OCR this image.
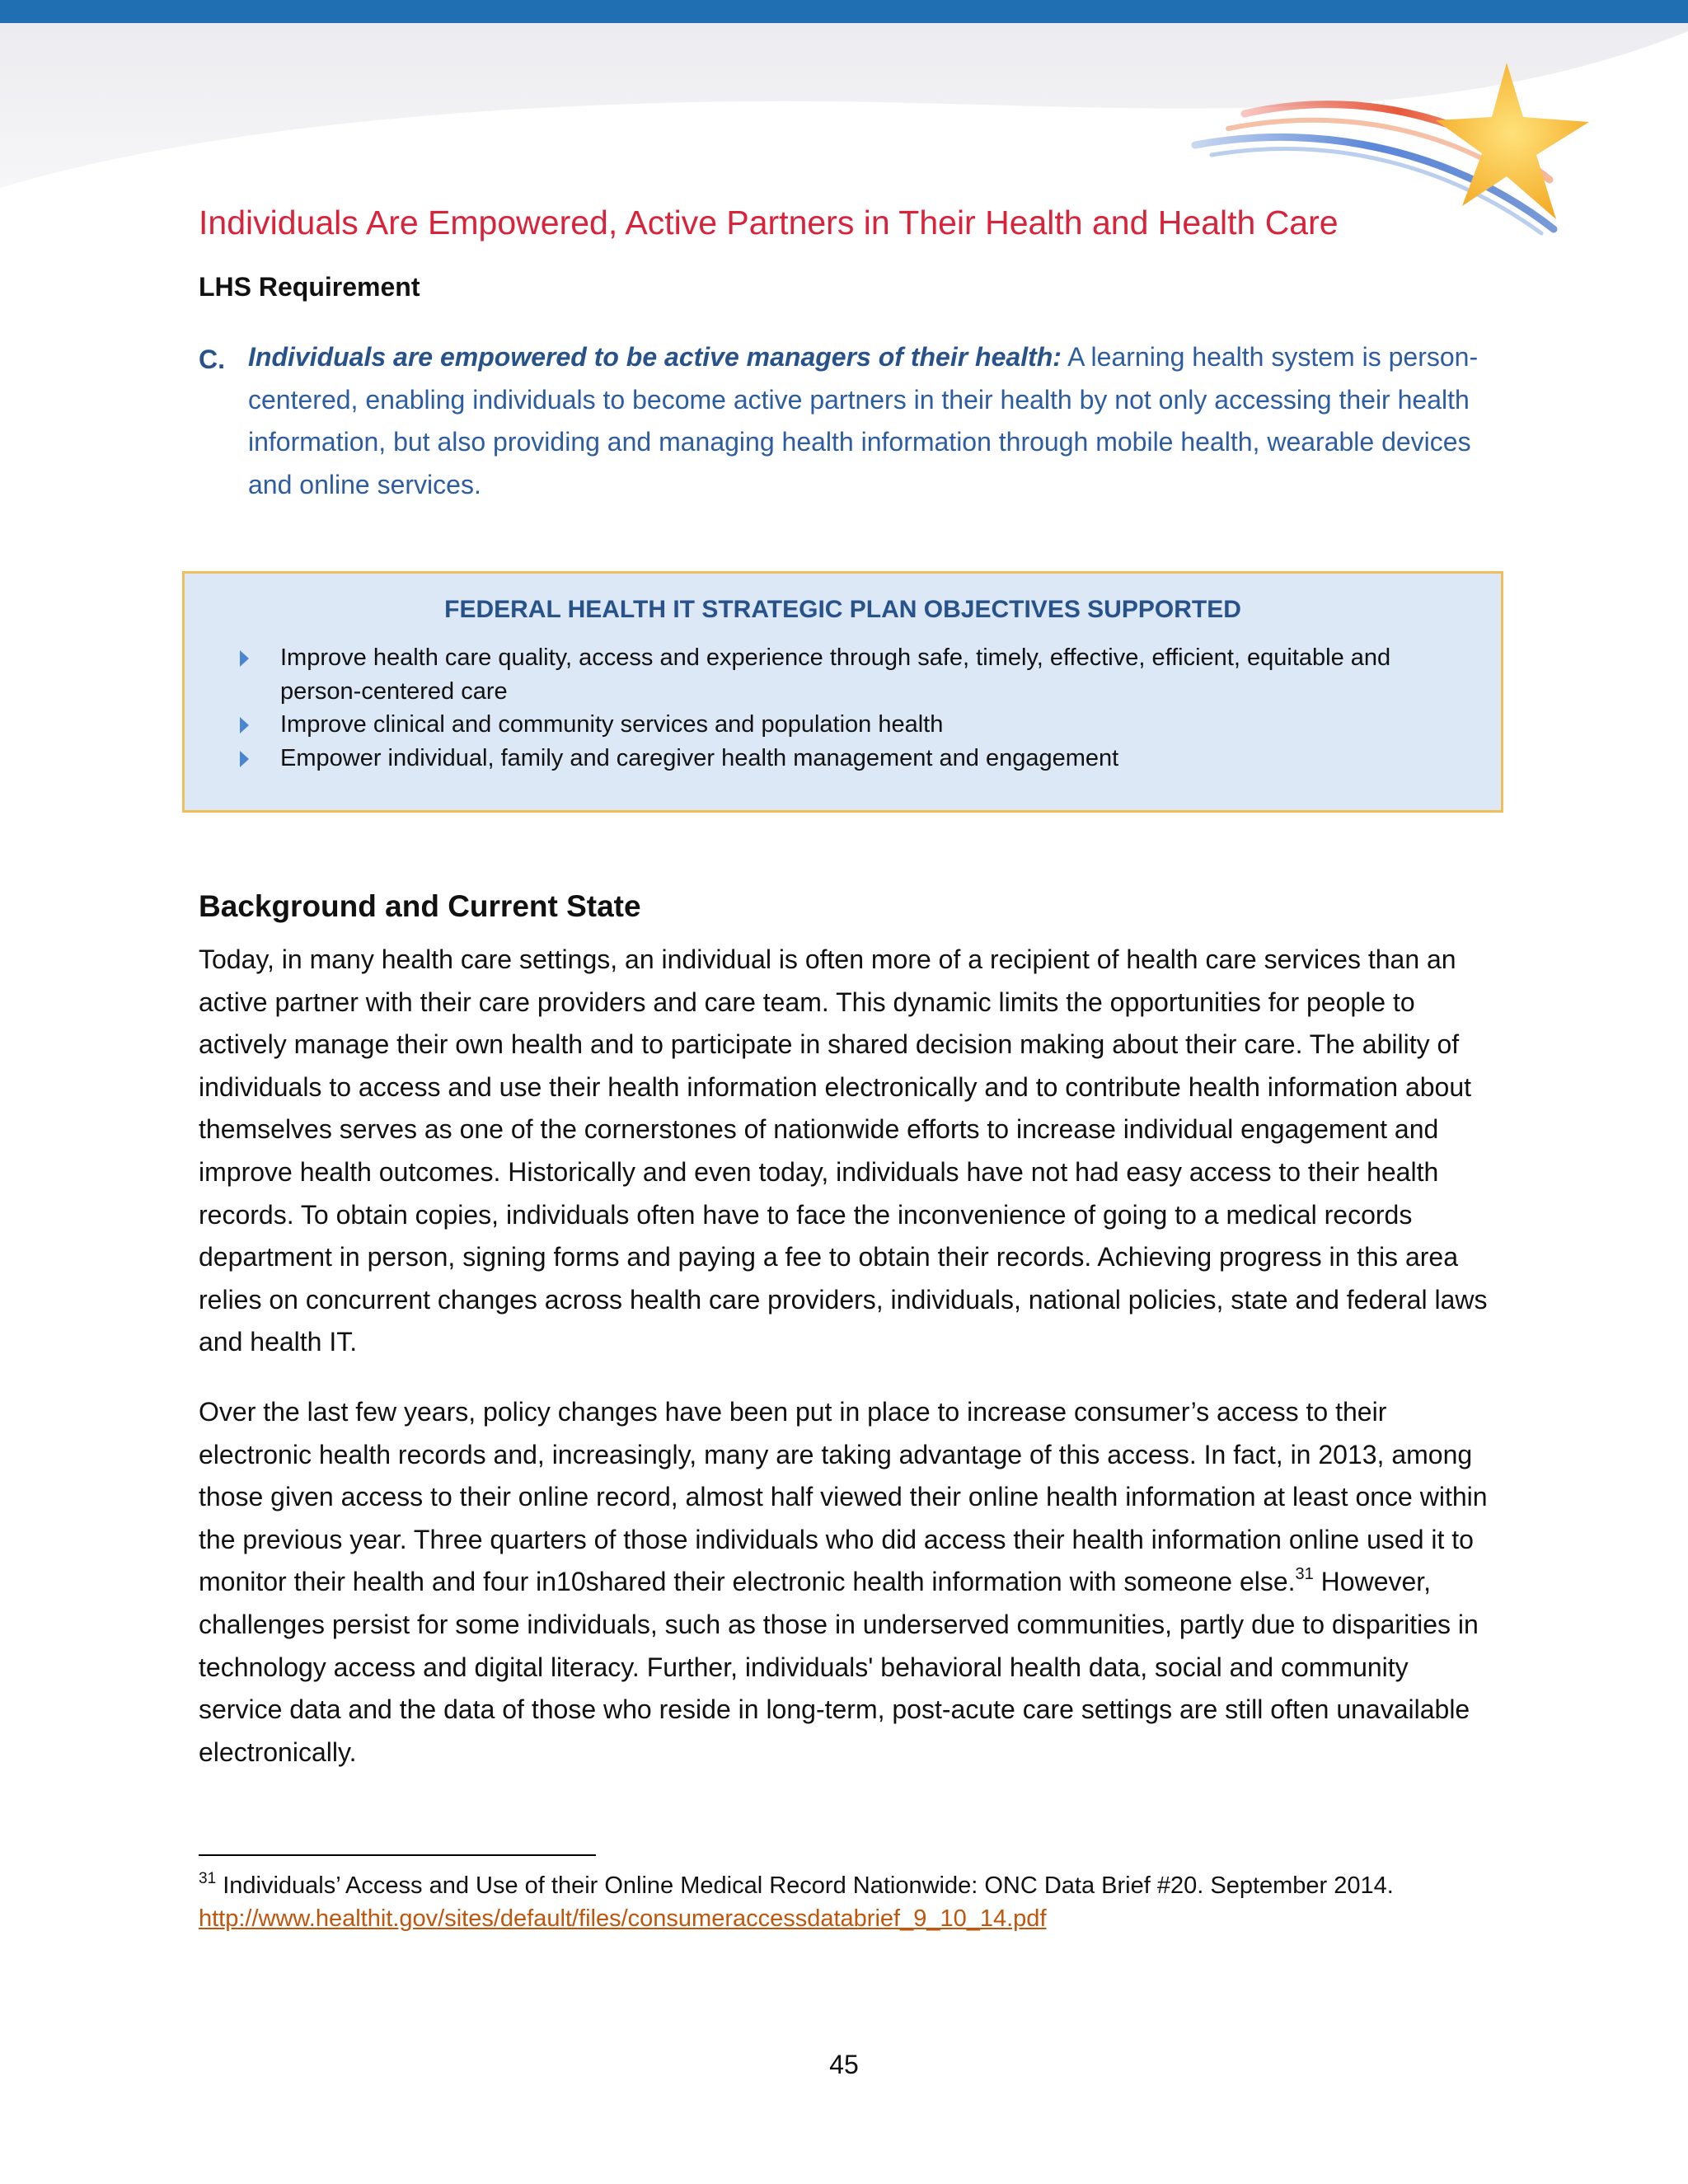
Individuals Are Empowered, Active Partners in Their Health and Health Care
LHS Requirement
C. Individuals are empowered to be active managers of their health: A learning health system is person-centered, enabling individuals to become active partners in their health by not only accessing their health information, but also providing and managing health information through mobile health, wearable devices and online services.
FEDERAL HEALTH IT STRATEGIC PLAN OBJECTIVES SUPPORTED
Improve health care quality, access and experience through safe, timely, effective, efficient, equitable and person-centered care
Improve clinical and community services and population health
Empower individual, family and caregiver health management and engagement
Background and Current State
Today, in many health care settings, an individual is often more of a recipient of health care services than an active partner with their care providers and care team. This dynamic limits the opportunities for people to actively manage their own health and to participate in shared decision making about their care. The ability of individuals to access and use their health information electronically and to contribute health information about themselves serves as one of the cornerstones of nationwide efforts to increase individual engagement and improve health outcomes. Historically and even today, individuals have not had easy access to their health records. To obtain copies, individuals often have to face the inconvenience of going to a medical records department in person, signing forms and paying a fee to obtain their records. Achieving progress in this area relies on concurrent changes across health care providers, individuals, national policies, state and federal laws and health IT.
Over the last few years, policy changes have been put in place to increase consumer’s access to their electronic health records and, increasingly, many are taking advantage of this access. In fact, in 2013, among those given access to their online record, almost half viewed their online health information at least once within the previous year. Three quarters of those individuals who did access their health information online used it to monitor their health and four in10shared their electronic health information with someone else.$^{31}$ However, challenges persist for some individuals, such as those in underserved communities, partly due to disparities in technology access and digital literacy. Further, individuals' behavioral health data, social and community service data and the data of those who reside in long-term, post-acute care settings are still often unavailable electronically.
$^{31}$ Individuals’ Access and Use of their Online Medical Record Nationwide: ONC Data Brief #20. September 2014.
http://www.healthit.gov/sites/default/files/consumeraccessdatabrief_9_10_14.pdf
45
